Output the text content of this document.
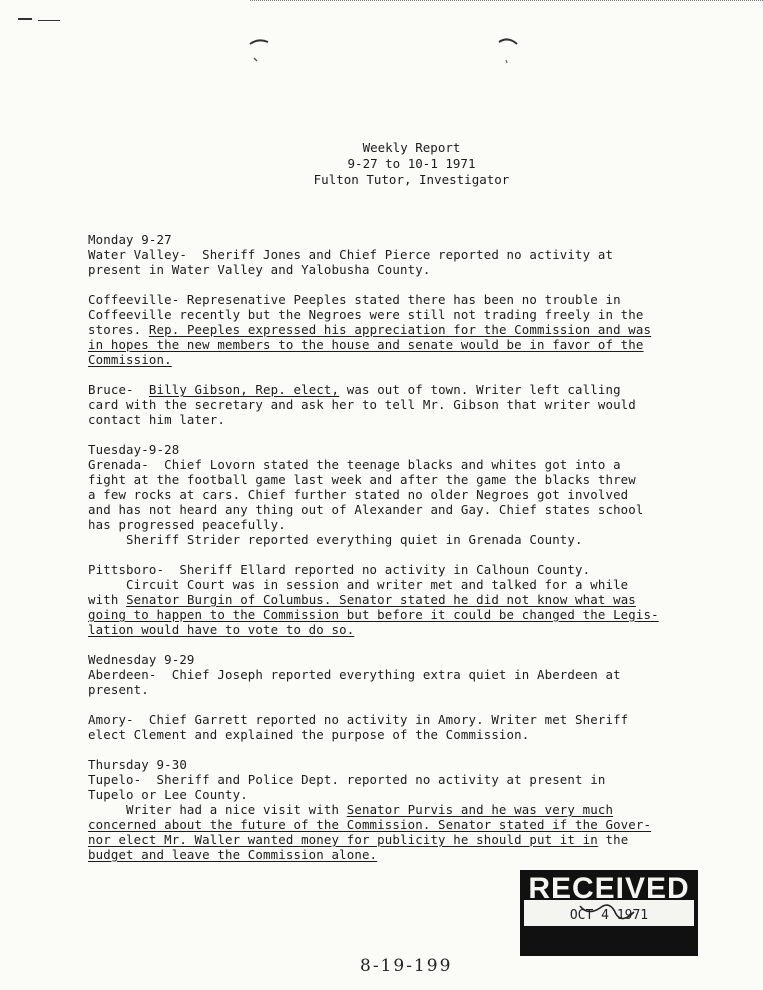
Weekly Report
9-27 to 10-1 1971
Fulton Tutor, Investigator
Monday 9-27
Water Valley-  Sheriff Jones and Chief Pierce reported no activity at
present in Water Valley and Yalobusha County.
Coffeeville- Represenative Peeples stated there has been no trouble in
Coffeeville recently but the Negroes were still not trading freely in the
stores. Rep. Peeples expressed his appreciation for the Commission and was
in hopes the new members to the house and senate would be in favor of the
Commission.
Bruce-  Billy Gibson, Rep. elect, was out of town. Writer left calling
card with the secretary and ask her to tell Mr. Gibson that writer would
contact him later.
Tuesday-9-28
Grenada-  Chief Lovorn stated the teenage blacks and whites got into a
fight at the football game last week and after the game the blacks threw
a few rocks at cars. Chief further stated no older Negroes got involved
and has not heard any thing out of Alexander and Gay. Chief states school
has progressed peacefully.
Sheriff Strider reported everything quiet in Grenada County.
Pittsboro-  Sheriff Ellard reported no activity in Calhoun County.
Circuit Court was in session and writer met and talked for a while
with Senator Burgin of Columbus. Senator stated he did not know what was
going to happen to the Commission but before it could be changed the Legis-
lation would have to vote to do so.
Wednesday 9-29
Aberdeen-  Chief Joseph reported everything extra quiet in Aberdeen at
present.
Amory-  Chief Garrett reported no activity in Amory. Writer met Sheriff
elect Clement and explained the purpose of the Commission.
Thursday 9-30
Tupelo-  Sheriff and Police Dept. reported no activity at present in
Tupelo or Lee County.
Writer had a nice visit with Senator Purvis and he was very much
concerned about the future of the Commission. Senator stated if the Gover-
nor elect Mr. Waller wanted money for publicity he should put it in the
budget and leave the Commission alone.
RECEIVED
OCT 4 1971
8-19-199
